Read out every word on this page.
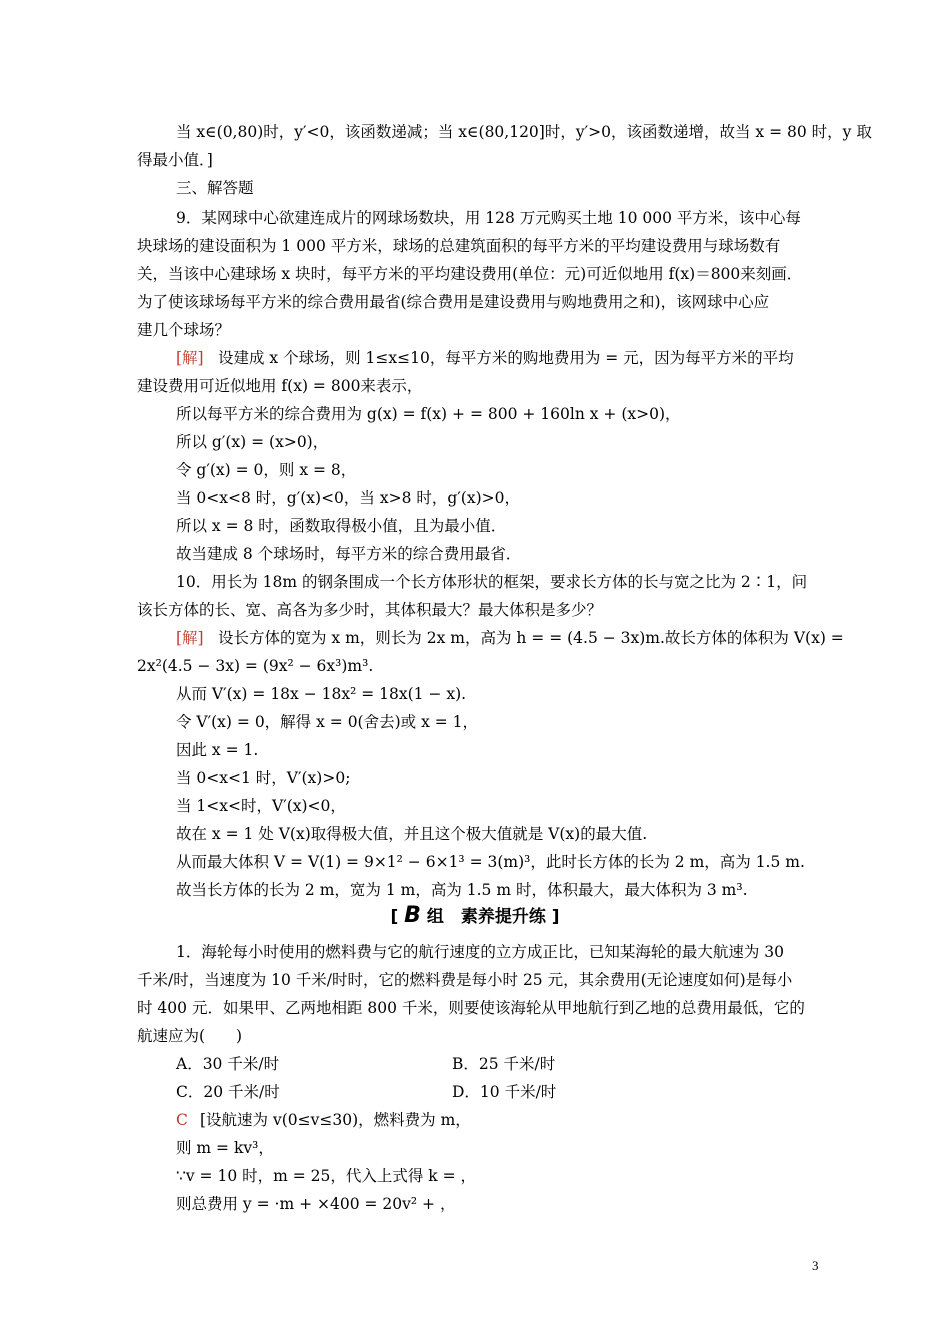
当 x∈(0,80)时，y′<0，该函数递减；当 x∈(80,120]时，y′>0，该函数递增，故当 x = 80 时，y 取
得最小值．]
三、解答题
9．某网球中心欲建连成片的网球场数块，用 128 万元购买土地 10 000 平方米，该中心每
块球场的建设面积为 1 000 平方米，球场的总建筑面积的每平方米的平均建设费用与球场数有
关，当该中心建球场 x 块时，每平方米的平均建设费用(单位：元)可近似地用 f(x)＝800来刻画．
为了使该球场每平方米的综合费用最省(综合费用是建设费用与购地费用之和)，该网球中心应
建几个球场？
[解] 设建成 x 个球场，则 1≤x≤10，每平方米的购地费用为 = 元，因为每平方米的平均
建设费用可近似地用 f(x) = 800来表示，
所以每平方米的综合费用为 g(x) = f(x) + = 800 + 160ln x + (x>0)，
所以 g′(x) = (x>0)，
令 g′(x) = 0，则 x = 8，
当 0<x<8 时，g′(x)<0，当 x>8 时，g′(x)>0，
所以 x = 8 时，函数取得极小值，且为最小值．
故当建成 8 个球场时，每平方米的综合费用最省．
10．用长为 18m 的钢条围成一个长方体形状的框架，要求长方体的长与宽之比为 2∶1，问
该长方体的长、宽、高各为多少时，其体积最大？最大体积是多少？
[解] 设长方体的宽为 x m，则长为 2x m，高为 h = = (4.5 − 3x)m.故长方体的体积为 V(x) =
2x²(4.5 − 3x) = (9x² − 6x³)m³.
从而 V′(x) = 18x − 18x² = 18x(1 − x).
令 V′(x) = 0，解得 x = 0(舍去)或 x = 1，
因此 x = 1.
当 0<x<1 时，V′(x)>0;
当 1<x<时，V′(x)<0，
故在 x = 1 处 V(x)取得极大值，并且这个极大值就是 V(x)的最大值.
从而最大体积 V = V(1) = 9×1² − 6×1³ = 3(m)³，此时长方体的长为 2 m，高为 1.5 m.
故当长方体的长为 2 m，宽为 1 m，高为 1.5 m 时，体积最大，最大体积为 3 m³.
1．海轮每小时使用的燃料费与它的航行速度的立方成正比，已知某海轮的最大航速为 30
千米/时，当速度为 10 千米/时时，它的燃料费是每小时 25 元，其余费用(无论速度如何)是每小
时 400 元．如果甲、乙两地相距 800 千米，则要使该海轮从甲地航行到乙地的总费用最低，它的
航速应为(　　)
A．30 千米/时	B．25 千米/时
C．20 千米/时	D．10 千米/时
C [设航速为 v(0≤v≤30)，燃料费为 m，
则 m = kv³，
∵v = 10 时，m = 25，代入上式得 k = ，
则总费用 y = ·m + ×400 = 20v² + ，
[ B 组　素养提升练 ]
3
